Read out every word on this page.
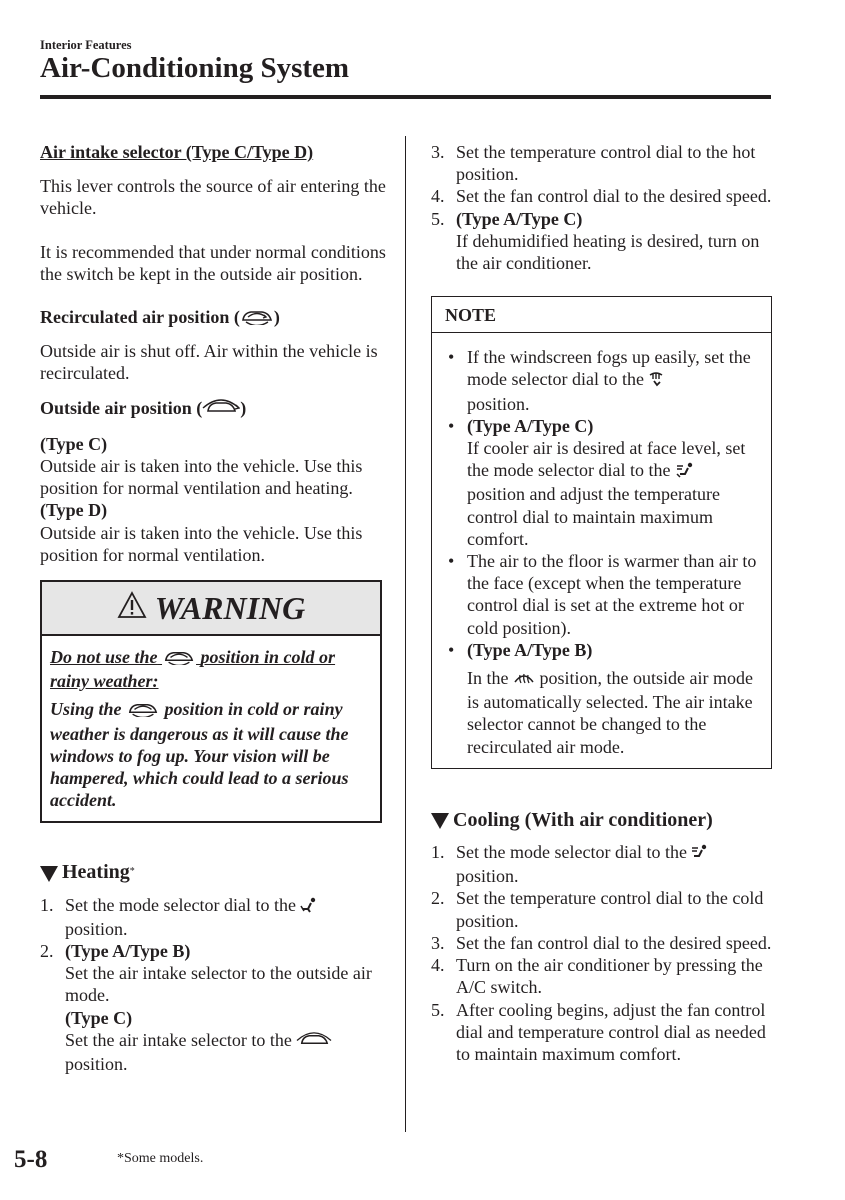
Interior Features
Air-Conditioning System

Air intake selector (Type C/Type D)

This lever controls the source of air entering the vehicle.

It is recommended that under normal conditions the switch be kept in the outside air position.

Recirculated air position ( )

Outside air is shut off. Air within the vehicle is recirculated.

Outside air position ( )

(Type C)

Outside air is taken into the vehicle. Use this position for normal ventilation and heating.

(Type D)

Outside air is taken into the vehicle. Use this position for normal ventilation.

WARNING

Do not use the position in cold or rainy weather:

Using the position in cold or rainy weather is dangerous as it will cause the windows to fog up. Your vision will be hampered, which could lead to a serious accident.

Heating *
1. Set the mode selector dial to the
position.
2. (Type A/Type B)
Set the air intake selector to the outside air mode.
(Type C)
Set the air intake selector to the
position.
3. Set the temperature control dial to the hot position.
4. Set the fan control dial to the desired speed.
5. (Type A/Type C)
If dehumidified heating is desired, turn on the air conditioner.
NOTE
• If the windscreen fogs up easily, set the mode selector dial to the
position.
• (Type A/Type C)
If cooler air is desired at face level, set the mode selector dial to the
position and adjust the temperature control dial to maintain maximum comfort.
• The air to the floor is warmer than air to the face (except when the temperature control dial is set at the extreme hot or cold position).
• (Type A/Type B)
In the position, the outside air mode is automatically selected. The air intake selector cannot be changed to the recirculated air mode.
Cooling (With air conditioner)
1. Set the mode selector dial to the
position.
2. Set the temperature control dial to the cold position.
3. Set the fan control dial to the desired speed.
4. Turn on the air conditioner by pressing the A/C switch.
5. After cooling begins, adjust the fan control dial and temperature control dial as needed to maintain maximum comfort.
5-8	*Some models.
